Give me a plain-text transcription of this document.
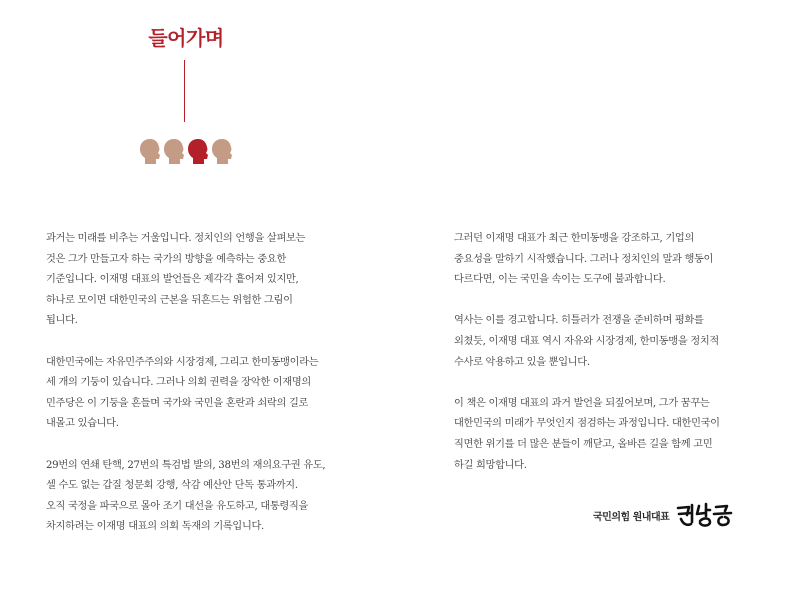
들어가며

과거는 미래를 비추는 거울입니다. 정치인의 언행을 살펴보는
것은 그가 만들고자 하는 국가의 방향을 예측하는 중요한
기준입니다. 이재명 대표의 발언들은 제각각 흩어져 있지만,
하나로 모이면 대한민국의 근본을 뒤흔드는 위험한 그림이
됩니다.

대한민국에는 자유민주주의와 시장경제, 그리고 한미동맹이라는
세 개의 기둥이 있습니다. 그러나 의회 권력을 장악한 이재명의
민주당은 이 기둥을 흔들며 국가와 국민을 혼란과 쇠락의 길로
내몰고 있습니다.

29번의 연쇄 탄핵, 27번의 특검법 발의, 38번의 재의요구권 유도,
셀 수도 없는 갑질 청문회 강행, 삭감 예산안 단독 통과까지.
오직 국정을 파국으로 몰아 조기 대선을 유도하고, 대통령직을
차지하려는 이재명 대표의 의회 독재의 기록입니다.

그러던 이재명 대표가 최근 한미동맹을 강조하고, 기업의
중요성을 말하기 시작했습니다. 그러나 정치인의 말과 행동이
다르다면, 이는 국민을 속이는 도구에 불과합니다.

역사는 이를 경고합니다. 히틀러가 전쟁을 준비하며 평화를
외쳤듯, 이재명 대표 역시 자유와 시장경제, 한미동맹을 정치적
수사로 악용하고 있을 뿐입니다.

이 책은 이재명 대표의 과거 발언을 되짚어보며, 그가 꿈꾸는
대한민국의 미래가 무엇인지 점검하는 과정입니다. 대한민국이
직면한 위기를 더 많은 분들이 깨닫고, 올바른 길을 함께 고민
하길 희망합니다.

국민의힘 원내대표
